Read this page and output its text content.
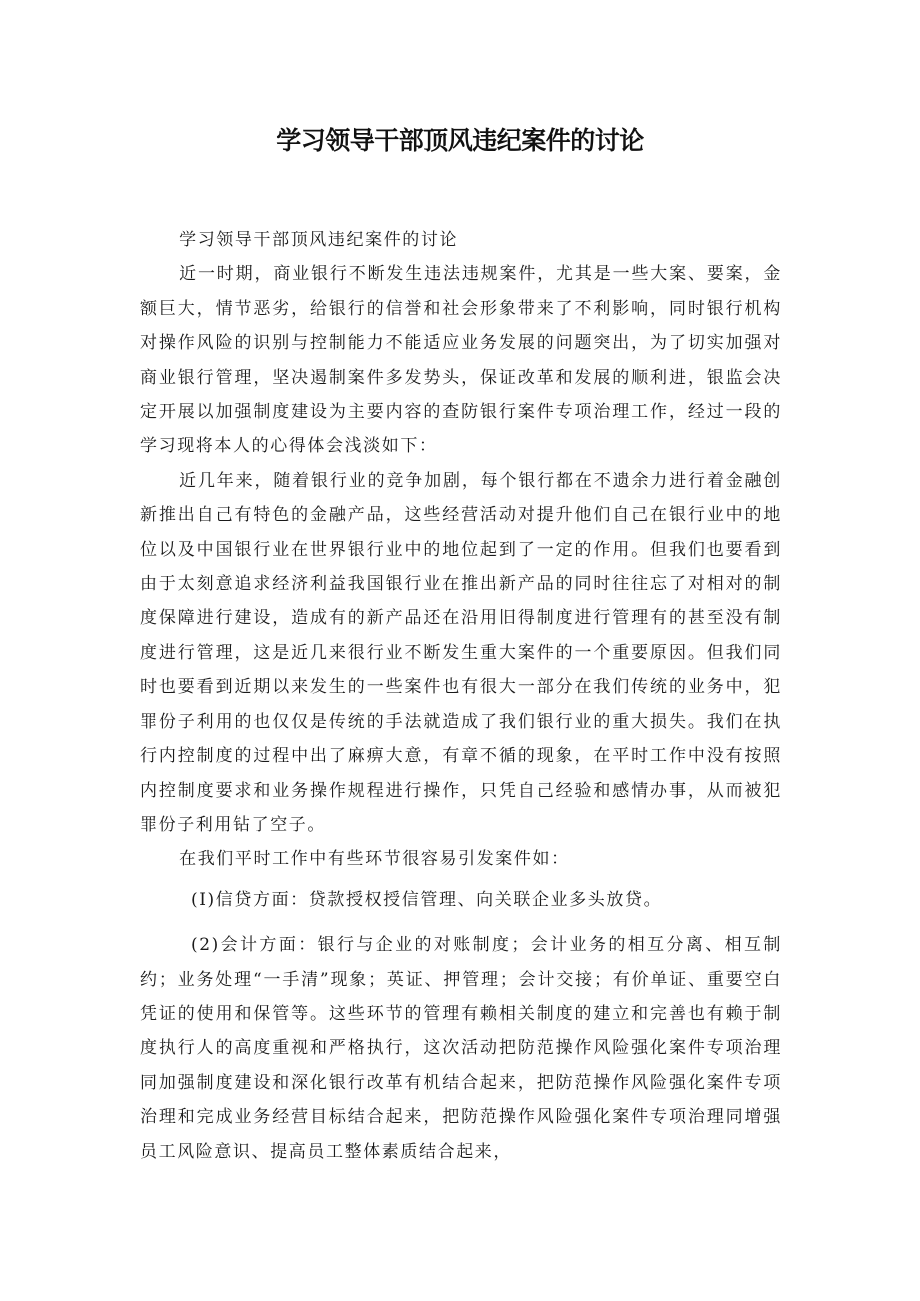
学习领导干部顶风违纪案件的讨论

学习领导干部顶风违纪案件的讨论

近一时期，商业银行不断发生违法违规案件，尤其是一些大案、要案，金额巨大，情节恶劣，给银行的信誉和社会形象带来了不利影响，同时银行机构对操作风险的识别与控制能力不能适应业务发展的问题突出，为了切实加强对商业银行管理，坚决遏制案件多发势头，保证改革和发展的顺利进，银监会决定开展以加强制度建设为主要内容的查防银行案件专项治理工作，经过一段的学习现将本人的心得体会浅淡如下：

近几年来，随着银行业的竞争加剧，每个银行都在不遗余力进行着金融创新推出自己有特色的金融产品，这些经营活动对提升他们自己在银行业中的地位以及中国银行业在世界银行业中的地位起到了一定的作用。但我们也要看到由于太刻意追求经济利益我国银行业在推出新产品的同时往往忘了对相对的制度保障进行建设，造成有的新产品还在沿用旧得制度进行管理有的甚至没有制度进行管理，这是近几来很行业不断发生重大案件的一个重要原因。但我们同时也要看到近期以来发生的一些案件也有很大一部分在我们传统的业务中，犯罪份子利用的也仅仅是传统的手法就造成了我们银行业的重大损失。我们在执行内控制度的过程中出了麻痹大意，有章不循的现象，在平时工作中没有按照内控制度要求和业务操作规程进行操作，只凭自己经验和感情办事，从而被犯罪份子利用钻了空子。

在我们平时工作中有些环节很容易引发案件如：

(I)信贷方面：贷款授权授信管理、向关联企业多头放贷。

(2)会计方面：银行与企业的对账制度；会计业务的相互分离、相互制约；业务处理“一手清”现象；英证、押管理；会计交接；有价单证、重要空白凭证的使用和保管等。这些环节的管理有赖相关制度的建立和完善也有赖于制度执行人的高度重视和严格执行，这次活动把防范操作风险强化案件专项治理同加强制度建设和深化银行改革有机结合起来，把防范操作风险强化案件专项治理和完成业务经营目标结合起来，把防范操作风险强化案件专项治理同增强员工风险意识、提高员工整体素质结合起来，
